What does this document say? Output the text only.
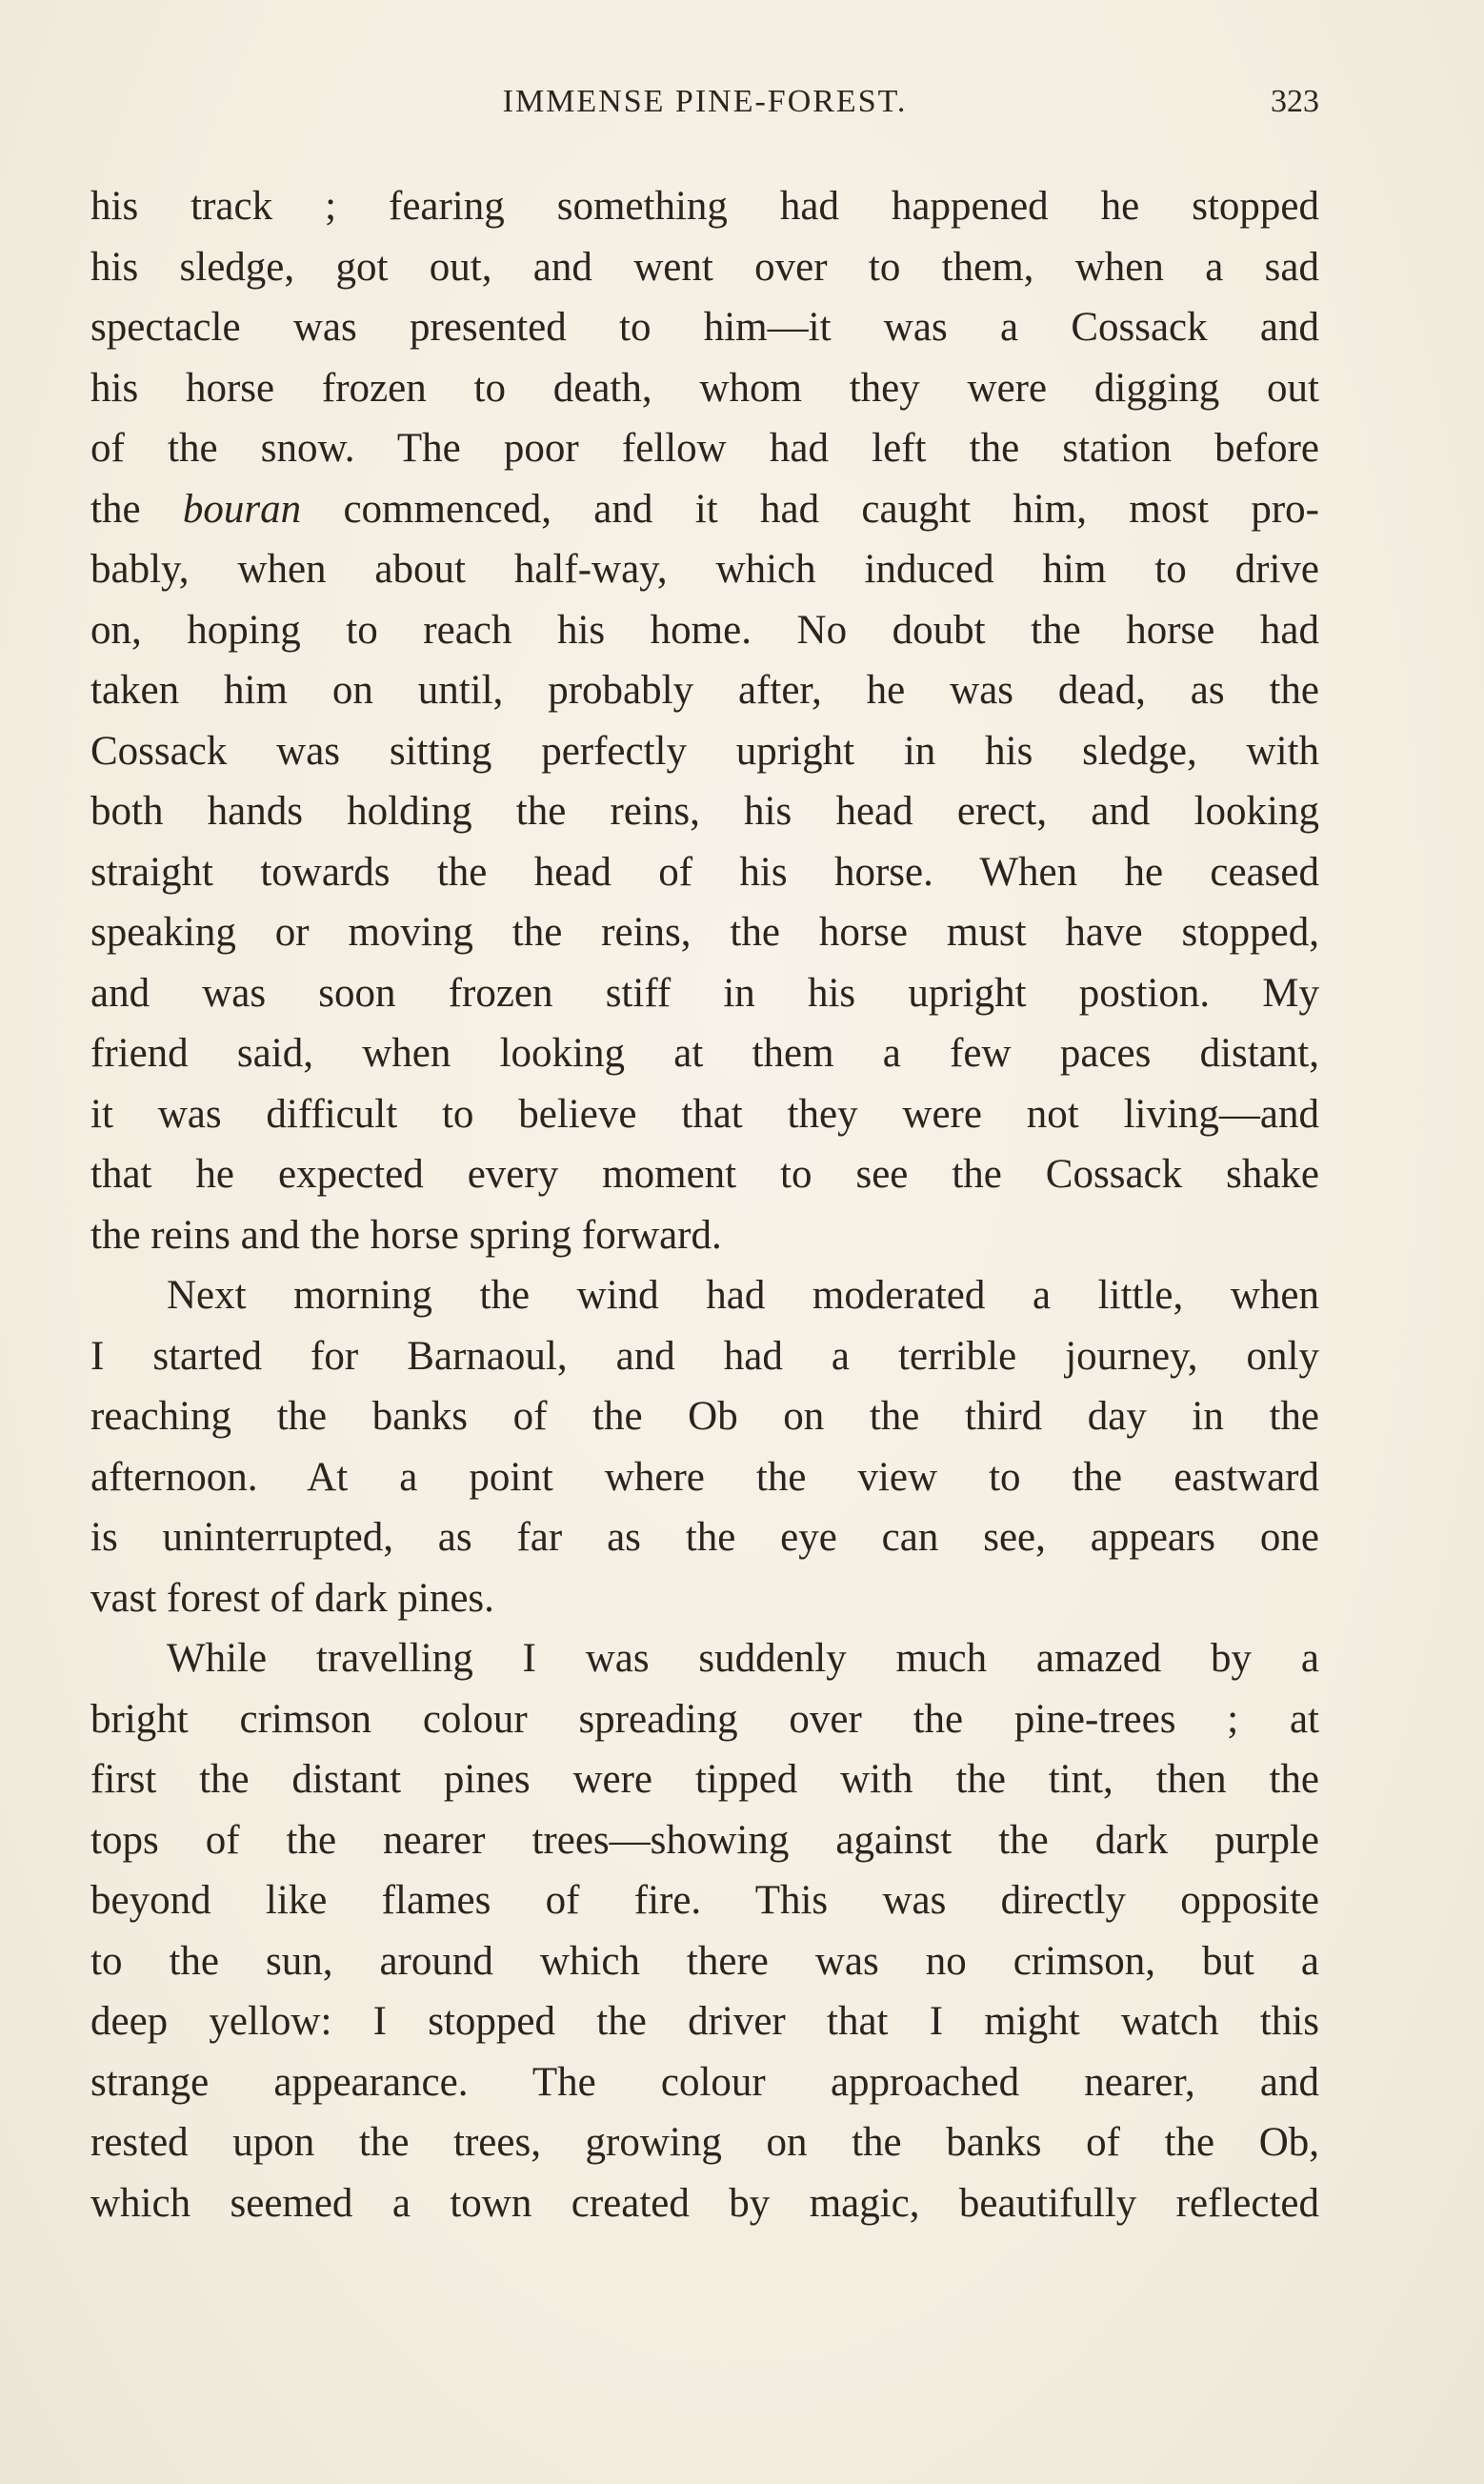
IMMENSE PINE-FOREST.	323
his track ; fearing something had happened he stopped
his sledge, got out, and went over to them, when a sad
spectacle was presented to him—it was a Cossack and
his horse frozen to death, whom they were digging out
of the snow. The poor fellow had left the station before
the bouran commenced, and it had caught him, most pro-
bably, when about half-way, which induced him to drive
on, hoping to reach his home. No doubt the horse had
taken him on until, probably after, he was dead, as the
Cossack was sitting perfectly upright in his sledge, with
both hands holding the reins, his head erect, and looking
straight towards the head of his horse. When he ceased
speaking or moving the reins, the horse must have stopped,
and was soon frozen stiff in his upright postion. My
friend said, when looking at them a few paces distant,
it was difficult to believe that they were not living—and
that he expected every moment to see the Cossack shake
the reins and the horse spring forward.
Next morning the wind had moderated a little, when
I started for Barnaoul, and had a terrible journey, only
reaching the banks of the Ob on the third day in the
afternoon. At a point where the view to the eastward
is uninterrupted, as far as the eye can see, appears one
vast forest of dark pines.
While travelling I was suddenly much amazed by a
bright crimson colour spreading over the pine-trees ; at
first the distant pines were tipped with the tint, then the
tops of the nearer trees—showing against the dark purple
beyond like flames of fire. This was directly opposite
to the sun, around which there was no crimson, but a
deep yellow: I stopped the driver that I might watch this
strange appearance. The colour approached nearer, and
rested upon the trees, growing on the banks of the Ob,
which seemed a town created by magic, beautifully reflected
